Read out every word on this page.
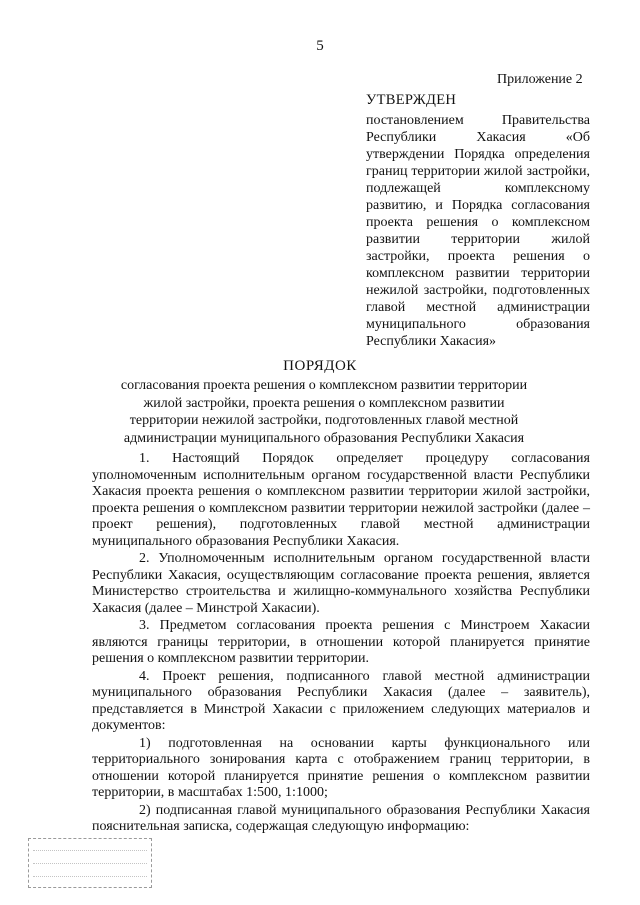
5
Приложение 2
УТВЕРЖДЕН

постановлением Правительства Республики Хакасия «Об утверждении Порядка определения границ территории жилой застройки, подлежащей комплексному развитию, и Порядка согласования проекта решения о комплексном развитии территории жилой застройки, проекта решения о комплексном развитии территории нежилой застройки, подготовленных главой местной администрации муниципального образования Республики Хакасия»

ПОРЯДОК
согласования проекта решения о комплексном развитии территории жилой застройки, проекта решения о комплексном развитии территории нежилой застройки, подготовленных главой местной администрации муниципального образования Республики Хакасия

1. Настоящий Порядок определяет процедуру согласования уполномоченным исполнительным органом государственной власти Республики Хакасия проекта решения о комплексном развитии территории жилой застройки, проекта решения о комплексном развитии территории нежилой застройки (далее – проект решения), подготовленных главой местной администрации муниципального образования Республики Хакасия.

2. Уполномоченным исполнительным органом государственной власти Республики Хакасия, осуществляющим согласование проекта решения, является Министерство строительства и жилищно-коммунального хозяйства Республики Хакасия (далее – Минстрой Хакасии).

3. Предметом согласования проекта решения с Минстроем Хакасии являются границы территории, в отношении которой планируется принятие решения о комплексном развитии территории.

4. Проект решения, подписанного главой местной администрации муниципального образования Республики Хакасия (далее – заявитель), представляется в Минстрой Хакасии с приложением следующих материалов и документов:

1) подготовленная на основании карты функционального или территориального зонирования карта с отображением границ территории, в отношении которой планируется принятие решения о комплексном развитии территории, в масштабах 1:500, 1:1000;

2) подписанная главой муниципального образования Республики Хакасия пояснительная записка, содержащая следующую информацию:
